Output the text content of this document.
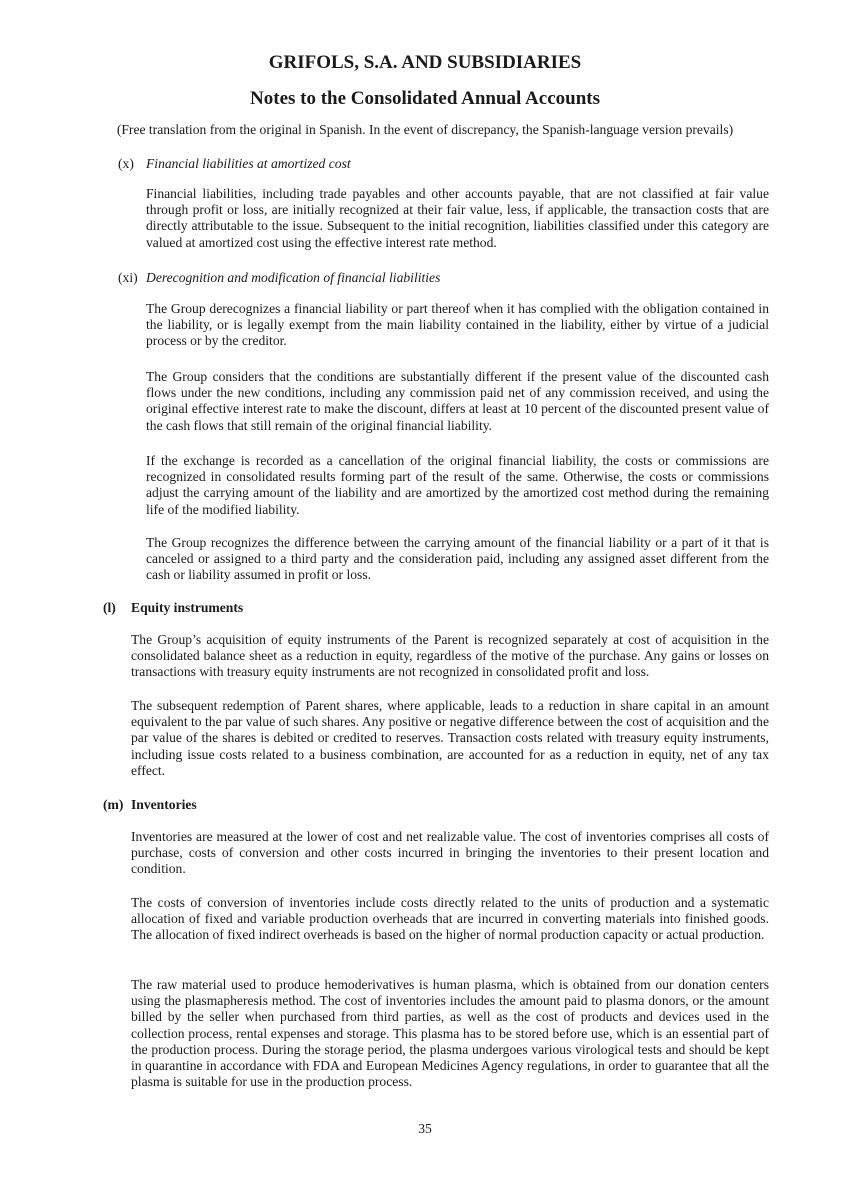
GRIFOLS, S.A. AND SUBSIDIARIES
Notes to the Consolidated Annual Accounts
(Free translation from the original in Spanish. In the event of discrepancy, the Spanish-language version prevails)
(x) Financial liabilities at amortized cost

Financial liabilities, including trade payables and other accounts payable, that are not classified at fair value through profit or loss, are initially recognized at their fair value, less, if applicable, the transaction costs that are directly attributable to the issue. Subsequent to the initial recognition, liabilities classified under this category are valued at amortized cost using the effective interest rate method.

(xi) Derecognition and modification of financial liabilities

The Group derecognizes a financial liability or part thereof when it has complied with the obligation contained in the liability, or is legally exempt from the main liability contained in the liability, either by virtue of a judicial process or by the creditor.

The Group considers that the conditions are substantially different if the present value of the discounted cash flows under the new conditions, including any commission paid net of any commission received, and using the original effective interest rate to make the discount, differs at least at 10 percent of the discounted present value of the cash flows that still remain of the original financial liability.

If the exchange is recorded as a cancellation of the original financial liability, the costs or commissions are recognized in consolidated results forming part of the result of the same. Otherwise, the costs or commissions adjust the carrying amount of the liability and are amortized by the amortized cost method during the remaining life of the modified liability.

The Group recognizes the difference between the carrying amount of the financial liability or a part of it that is canceled or assigned to a third party and the consideration paid, including any assigned asset different from the cash or liability assumed in profit or loss.

(l) Equity instruments

The Group’s acquisition of equity instruments of the Parent is recognized separately at cost of acquisition in the consolidated balance sheet as a reduction in equity, regardless of the motive of the purchase. Any gains or losses on transactions with treasury equity instruments are not recognized in consolidated profit and loss.

The subsequent redemption of Parent shares, where applicable, leads to a reduction in share capital in an amount equivalent to the par value of such shares. Any positive or negative difference between the cost of acquisition and the par value of the shares is debited or credited to reserves. Transaction costs related with treasury equity instruments, including issue costs related to a business combination, are accounted for as a reduction in equity, net of any tax effect.

(m) Inventories

Inventories are measured at the lower of cost and net realizable value. The cost of inventories comprises all costs of purchase, costs of conversion and other costs incurred in bringing the inventories to their present location and condition.

The costs of conversion of inventories include costs directly related to the units of production and a systematic allocation of fixed and variable production overheads that are incurred in converting materials into finished goods. The allocation of fixed indirect overheads is based on the higher of normal production capacity or actual production.

The raw material used to produce hemoderivatives is human plasma, which is obtained from our donation centers using the plasmapheresis method. The cost of inventories includes the amount paid to plasma donors, or the amount billed by the seller when purchased from third parties, as well as the cost of products and devices used in the collection process, rental expenses and storage. This plasma has to be stored before use, which is an essential part of the production process. During the storage period, the plasma undergoes various virological tests and should be kept in quarantine in accordance with FDA and European Medicines Agency regulations, in order to guarantee that all the plasma is suitable for use in the production process.

35
